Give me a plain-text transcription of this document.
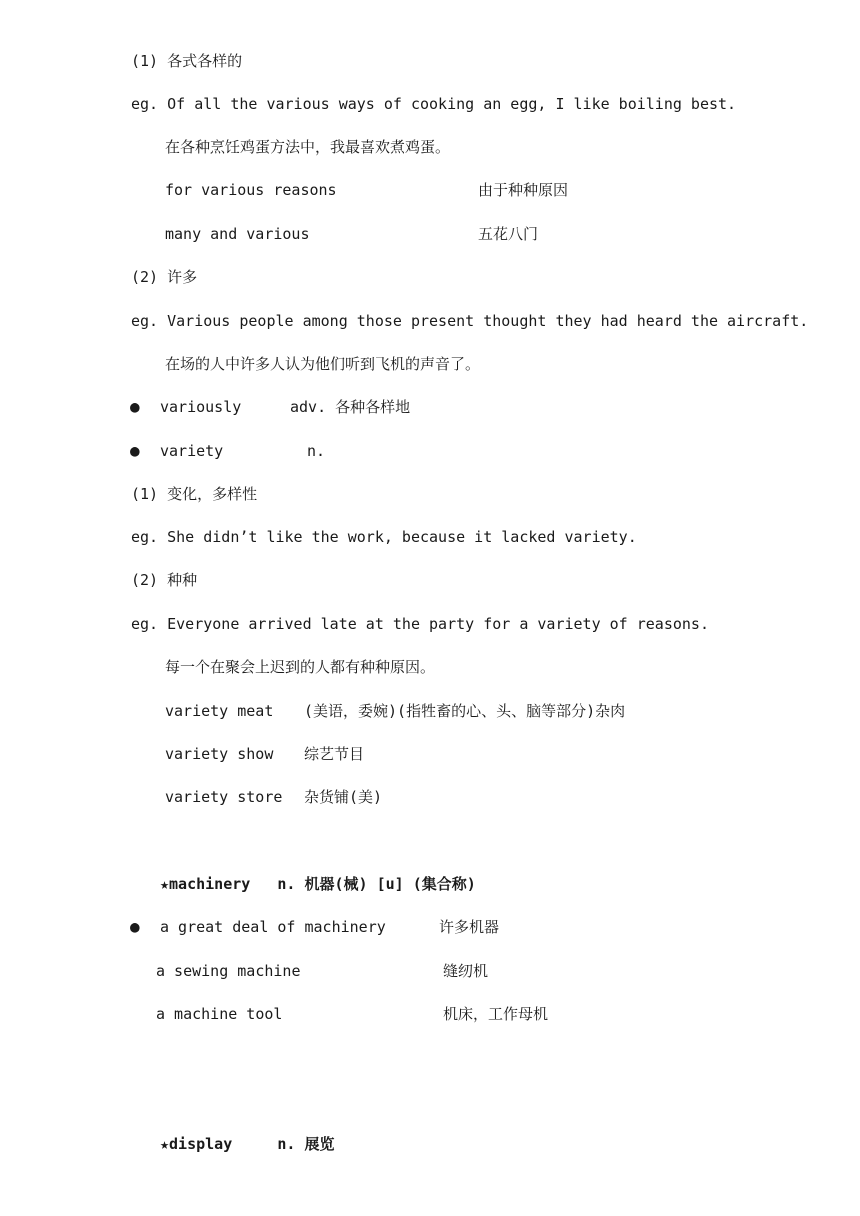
(1) 各式各样的
eg. Of all the various ways of cooking an egg, I like boiling best.
在各种烹饪鸡蛋方法中，我最喜欢煮鸡蛋。
for various reasons	由于种种原因
many and various	五花八门
(2) 许多
eg. Various people among those present thought they had heard the aircraft.
在场的人中许多人认为他们听到飞机的声音了。
● variously	adv. 各种各样地
● variety	n.
(1) 变化，多样性
eg. She didn’t like the work, because it lacked variety.
(2) 种种
eg. Everyone arrived late at the party for a variety of reasons.
每一个在聚会上迟到的人都有种种原因。
variety meat (美语，委婉)(指牲畜的心、头、脑等部分)杂肉
variety show 综艺节目
variety store 杂货铺(美)
★machinery   n. 机器(械) [u] (集合称)
● a great deal of machinery	许多机器
a sewing machine	缝纫机
a machine tool	机床，工作母机
★display     n. 展览
